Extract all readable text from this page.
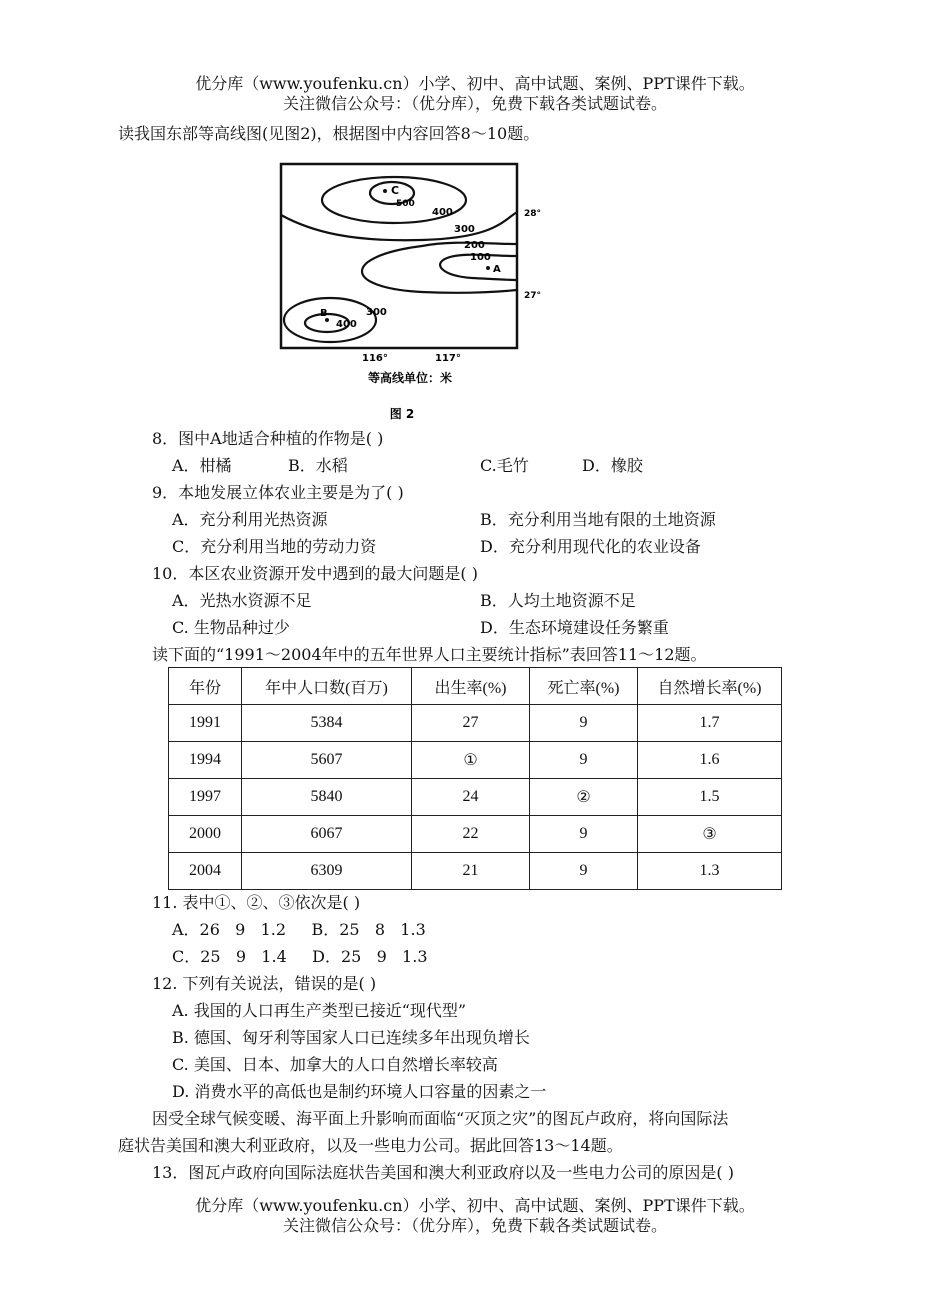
优分库（www.youfenku.cn）小学、初中、高中试题、案例、PPT课件下载。
关注微信公众号：（优分库），免费下载各类试题试卷。
读我国东部等高线图(见图2)，根据图中内容回答8～10题。
C
500
400	28°
300
200
100
A
27°
B
400
300
116°	117°
等高线单位：米
图 2
8．图中A地适合种植的作物是( )
A．柑橘	B．水稻	C.毛竹	D．橡胶
9．本地发展立体农业主要是为了( )
A．充分利用光热资源	B．充分利用当地有限的土地资源
C．充分利用当地的劳动力资	D．充分利用现代化的农业设备
10．本区农业资源开发中遇到的最大问题是( )
A．光热水资源不足	B．人均土地资源不足
C. 生物品种过少	D．生态环境建设任务繁重
读下面的“1991～2004年中的五年世界人口主要统计指标”表回答11～12题。
年份	年中人口数(百万)	出生率(%)	死亡率(%)	自然增长率(%)
1991	5384	27	9	1.7
1994	5607	①	9	1.6
1997	5840	24	②	1.5
2000	6067	22	9	③
2004	6309	21	9	1.3
11. 表中①、②、③依次是( )
A．26   9   1.2     B．25   8   1.3
C．25   9   1.4     D．25   9   1.3
12. 下列有关说法，错误的是( )
A. 我国的人口再生产类型已接近“现代型”
B. 德国、匈牙利等国家人口已连续多年出现负增长
C. 美国、日本、加拿大的人口自然增长率较高
D. 消费水平的高低也是制约环境人口容量的因素之一
因受全球气候变暖、海平面上升影响而面临“灭顶之灾”的图瓦卢政府，将向国际法
庭状告美国和澳大利亚政府，以及一些电力公司。据此回答13～14题。
13．图瓦卢政府向国际法庭状告美国和澳大利亚政府以及一些电力公司的原因是( )
优分库（www.youfenku.cn）小学、初中、高中试题、案例、PPT课件下载。
关注微信公众号：（优分库），免费下载各类试题试卷。
